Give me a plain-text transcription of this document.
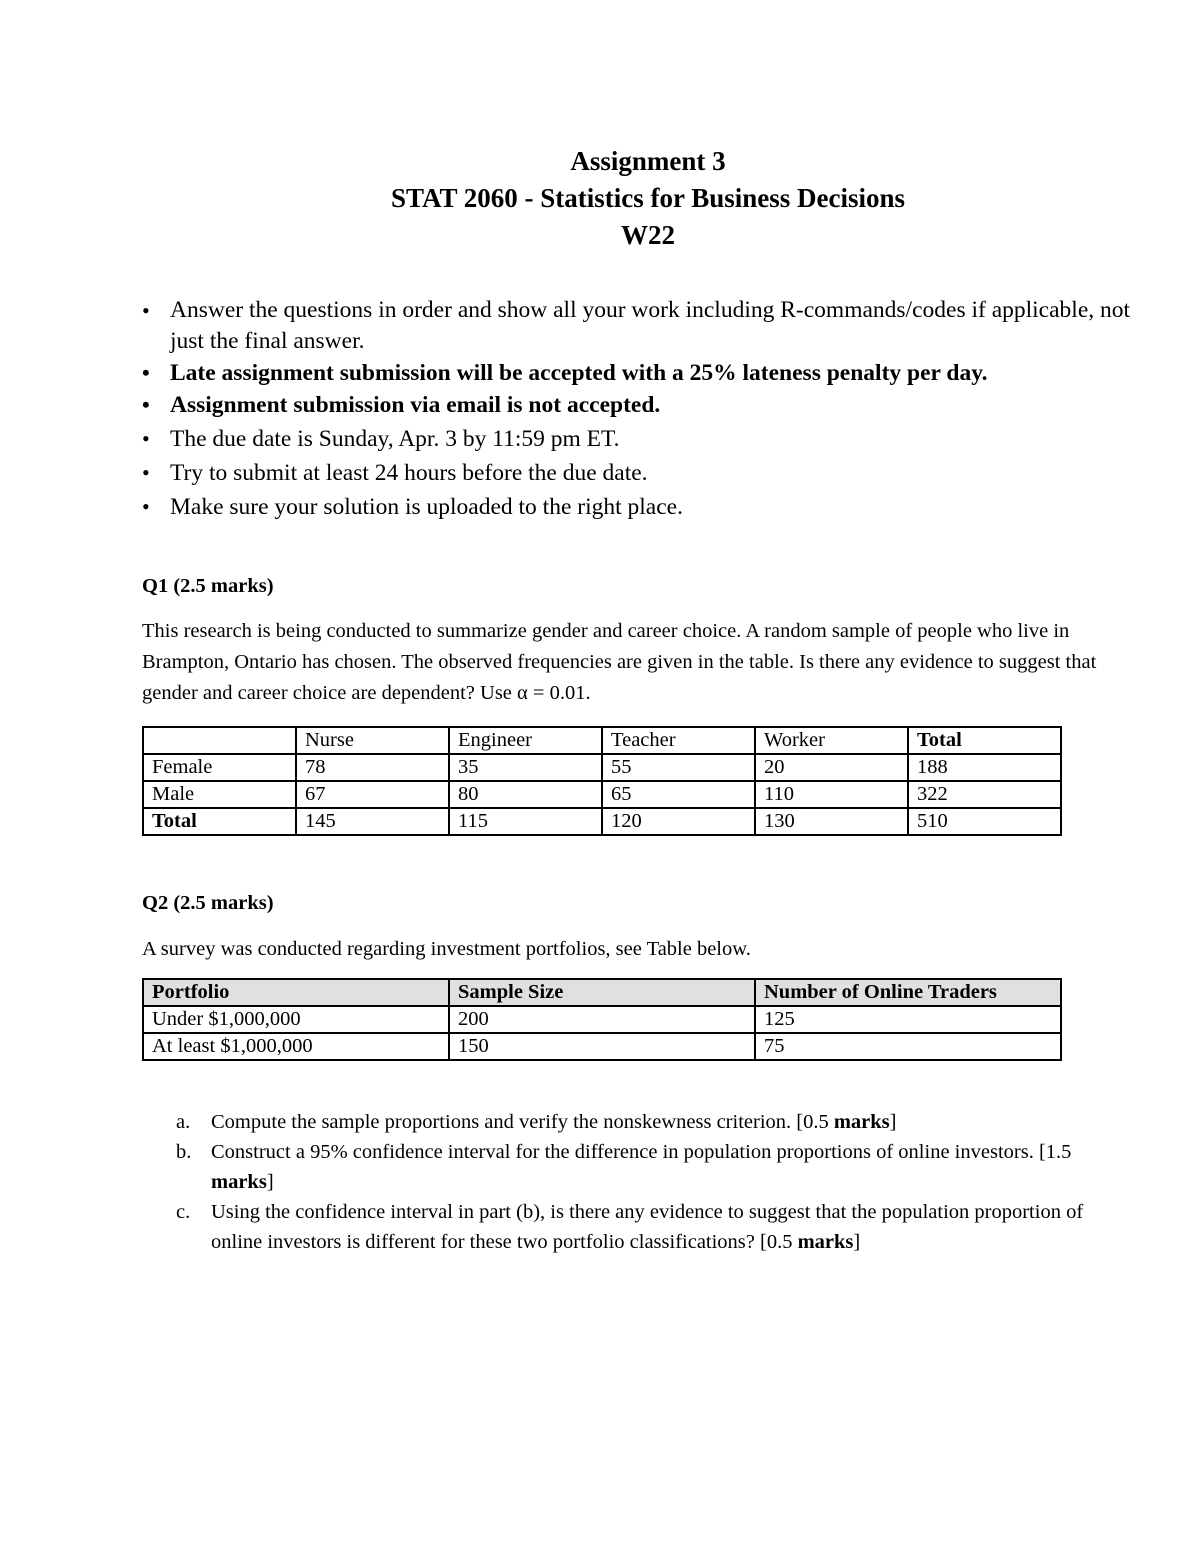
Assignment 3
STAT 2060 - Statistics for Business Decisions
W22
• Answer the questions in order and show all your work including R-commands/codes if applicable, not just the final answer.
• Late assignment submission will be accepted with a 25% lateness penalty per day.
• Assignment submission via email is not accepted.
• The due date is Sunday, Apr. 3 by 11:59 pm ET.
• Try to submit at least 24 hours before the due date.
• Make sure your solution is uploaded to the right place.
Q1 (2.5 marks)
This research is being conducted to summarize gender and career choice. A random sample of people who live in Brampton, Ontario has chosen. The observed frequencies are given in the table. Is there any evidence to suggest that gender and career choice are dependent? Use α = 0.01.
	Nurse	Engineer	Teacher	Worker	Total
Female	78	35	55	20	188
Male	67	80	65	110	322
Total	145	115	120	130	510
Q2 (2.5 marks)
A survey was conducted regarding investment portfolios, see Table below.
Portfolio	Sample Size	Number of Online Traders
Under $1,000,000	200	125
At least $1,000,000	150	75
a. Compute the sample proportions and verify the nonskewness criterion. [0.5 marks]
b. Construct a 95% confidence interval for the difference in population proportions of online investors. [1.5 marks]
c. Using the confidence interval in part (b), is there any evidence to suggest that the population proportion of online investors is different for these two portfolio classifications? [0.5 marks]
